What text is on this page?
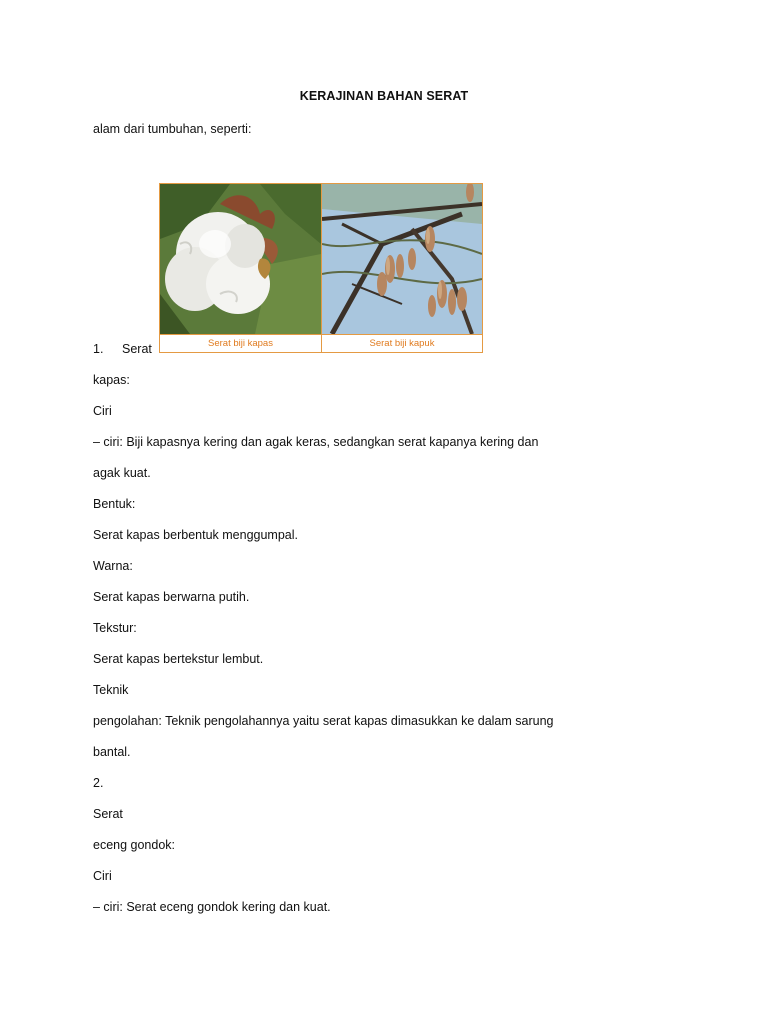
KERAJINAN BAHAN SERAT
alam dari tumbuhan, seperti:
Serat biji kapas	Serat biji kapuk
1. Serat
kapas:
Ciri
– ciri: Biji kapasnya kering dan agak keras, sedangkan serat kapanya kering dan
agak kuat.
Bentuk:
Serat kapas berbentuk menggumpal.
Warna:
Serat kapas berwarna putih.
Tekstur:
Serat kapas bertekstur lembut.
Teknik
pengolahan: Teknik pengolahannya yaitu serat kapas dimasukkan ke dalam sarung
bantal.
2.
Serat
eceng gondok:
Ciri
– ciri: Serat eceng gondok kering dan kuat.
